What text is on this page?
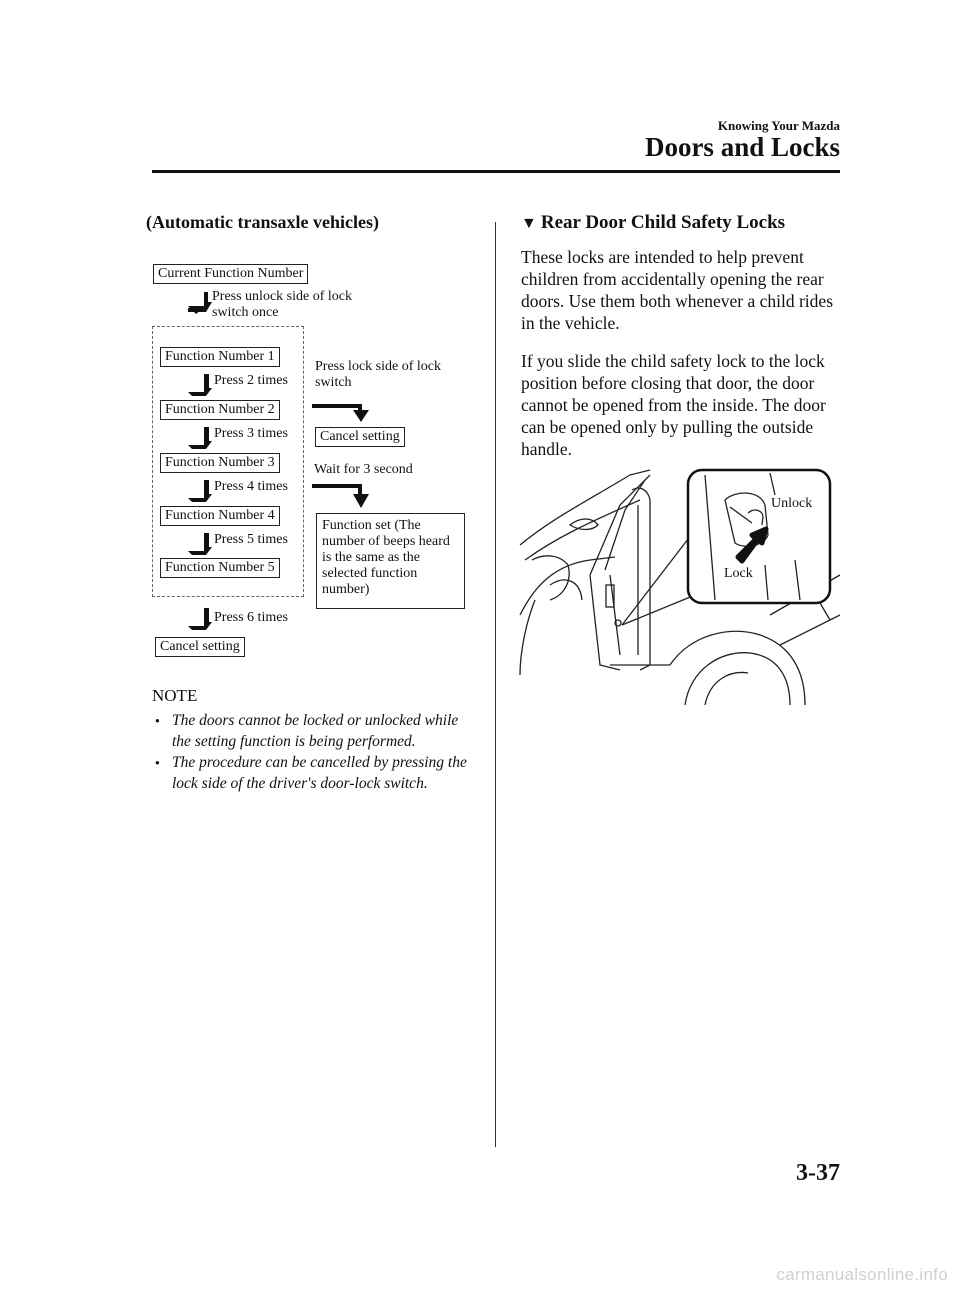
Knowing Your Mazda
Doors and Locks
(Automatic transaxle vehicles)
Current Function Number
Press unlock side of lock switch once
Function Number 1
Press 2 times
Function Number 2
Press 3 times
Function Number 3
Press 4 times
Function Number 4
Press 5 times
Function Number 5
Press 6 times
Cancel setting
Press lock side of lock switch
Cancel setting
Wait for 3 second
Function set (The number of beeps heard is the same as the selected function number)
NOTE
● The doors cannot be locked or unlocked while the setting function is being performed.
● The procedure can be cancelled by pressing the lock side of the driver's door-lock switch.
▼ Rear Door Child Safety Locks

These locks are intended to help prevent children from accidentally opening the rear doors. Use them both whenever a child rides in the vehicle.

If you slide the child safety lock to the lock position before closing that door, the door cannot be opened from the inside. The door can be opened only by pulling the outside handle.

Unlock
Lock
3-37
carmanualsonline.info
